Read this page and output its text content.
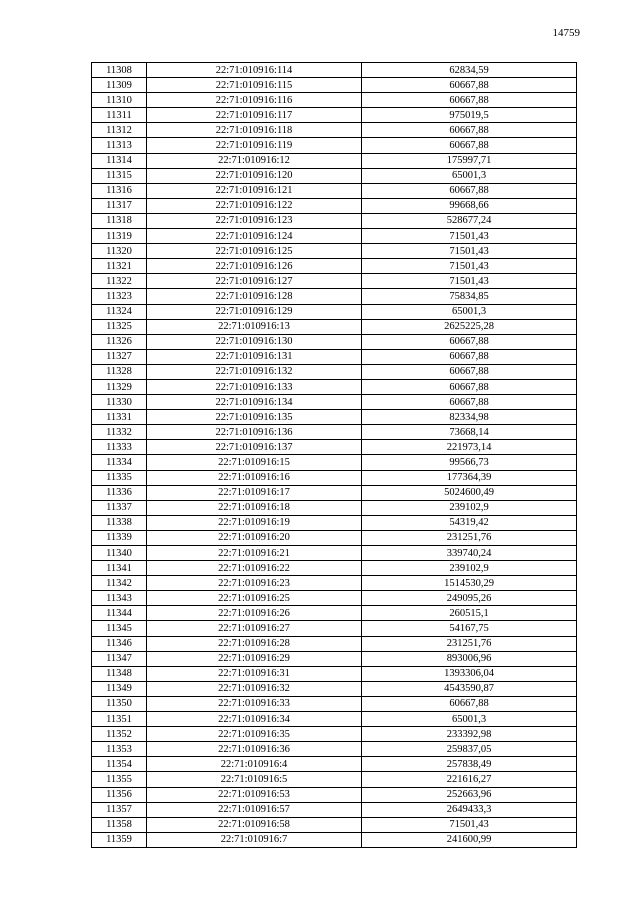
14759
11308	22:71:010916:114	62834,59
11309	22:71:010916:115	60667,88
11310	22:71:010916:116	60667,88
11311	22:71:010916:117	975019,5
11312	22:71:010916:118	60667,88
11313	22:71:010916:119	60667,88
11314	22:71:010916:12	175997,71
11315	22:71:010916:120	65001,3
11316	22:71:010916:121	60667,88
11317	22:71:010916:122	99668,66
11318	22:71:010916:123	528677,24
11319	22:71:010916:124	71501,43
11320	22:71:010916:125	71501,43
11321	22:71:010916:126	71501,43
11322	22:71:010916:127	71501,43
11323	22:71:010916:128	75834,85
11324	22:71:010916:129	65001,3
11325	22:71:010916:13	2625225,28
11326	22:71:010916:130	60667,88
11327	22:71:010916:131	60667,88
11328	22:71:010916:132	60667,88
11329	22:71:010916:133	60667,88
11330	22:71:010916:134	60667,88
11331	22:71:010916:135	82334,98
11332	22:71:010916:136	73668,14
11333	22:71:010916:137	221973,14
11334	22:71:010916:15	99566,73
11335	22:71:010916:16	177364,39
11336	22:71:010916:17	5024600,49
11337	22:71:010916:18	239102,9
11338	22:71:010916:19	54319,42
11339	22:71:010916:20	231251,76
11340	22:71:010916:21	339740,24
11341	22:71:010916:22	239102,9
11342	22:71:010916:23	1514530,29
11343	22:71:010916:25	249095,26
11344	22:71:010916:26	260515,1
11345	22:71:010916:27	54167,75
11346	22:71:010916:28	231251,76
11347	22:71:010916:29	893006,96
11348	22:71:010916:31	1393306,04
11349	22:71:010916:32	4543590,87
11350	22:71:010916:33	60667,88
11351	22:71:010916:34	65001,3
11352	22:71:010916:35	233392,98
11353	22:71:010916:36	259837,05
11354	22:71:010916:4	257838,49
11355	22:71:010916:5	221616,27
11356	22:71:010916:53	252663,96
11357	22:71:010916:57	2649433,3
11358	22:71:010916:58	71501,43
11359	22:71:010916:7	241600,99
